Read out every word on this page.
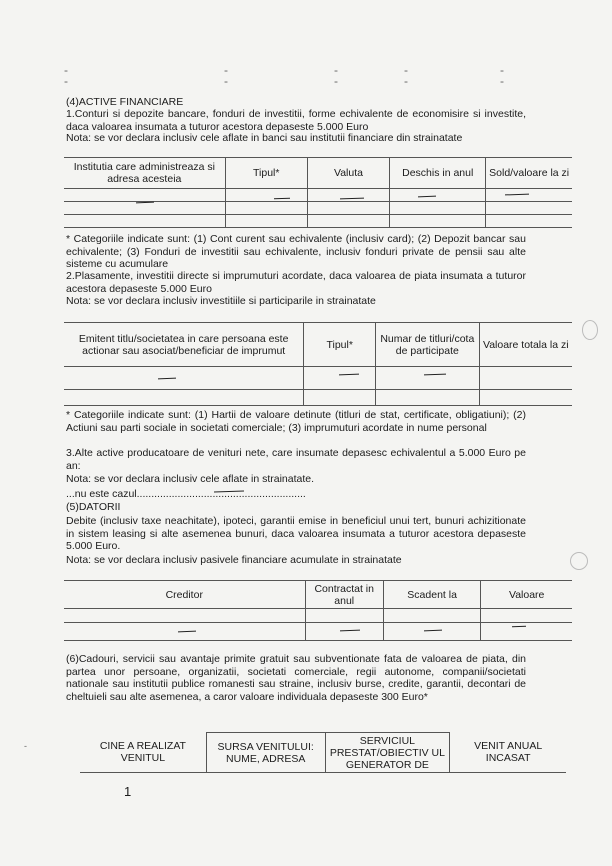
-
-
-
-
-
-
-
-
-
-
(4)ACTIVE FINANCIARE
1.Conturi si depozite bancare, fonduri de investitii, forme echivalente de economisire si investite, daca valoarea insumata a tuturor acestora depaseste 5.000 Euro
Nota: se vor declara inclusiv cele aflate in banci sau institutii financiare din strainatate
Institutia care administreaza si adresa acesteia	Tipul*	Valuta	Deschis in anul	Sold/valoare la zi

* Categoriile indicate sunt: (1) Cont curent sau echivalente (inclusiv card); (2) Depozit bancar sau echivalente; (3) Fonduri de investitii sau echivalente, inclusiv fonduri private de pensii sau alte sisteme cu acumulare
2.Plasamente, investitii directe si imprumuturi acordate, daca valoarea de piata insumata a tuturor acestora depaseste 5.000 Euro
Nota: se vor declara inclusiv investitiile si participarile in strainatate
Emitent titlu/societatea in care persoana este actionar sau asociat/beneficiar de imprumut	Tipul*	Numar de titluri/cota de participate	Valoare totala la zi

* Categoriile indicate sunt: (1) Hartii de valoare detinute (titluri de stat, certificate, obligatiuni); (2) Actiuni sau parti sociale in societati comerciale; (3) imprumuturi acordate in nume personal
3.Alte active producatoare de venituri nete, care insumate depasesc echivalentul a 5.000 Euro pe an:
Nota: se vor declara inclusiv cele aflate in strainatate.
...nu este cazul..........................................................
(5)DATORII
Debite (inclusiv taxe neachitate), ipoteci, garantii emise in beneficiul unui tert, bunuri achizitionate in sistem leasing si alte asemenea bunuri, daca valoarea insumata a tuturor acestora depaseste 5.000 Euro.
Nota: se vor declara inclusiv pasivele financiare acumulate in strainatate
Creditor	Contractat in anul	Scadent la	Valoare

(6)Cadouri, servicii sau avantaje primite gratuit sau subventionate fata de valoarea de piata, din partea unor persoane, organizatii, societati comerciale, regii autonome, companii/societati nationale sau institutii publice romanesti sau straine, inclusiv burse, credite, garantii, decontari de cheltuieli sau alte asemenea, a caror valoare individuala depaseste 300 Euro*
CINE A REALIZAT VENITUL	SURSA VENITULUI: NUME, ADRESA	SERVICIUL PRESTAT/OBIECTIV UL GENERATOR DE	VENIT ANUAL INCASAT
1
-
